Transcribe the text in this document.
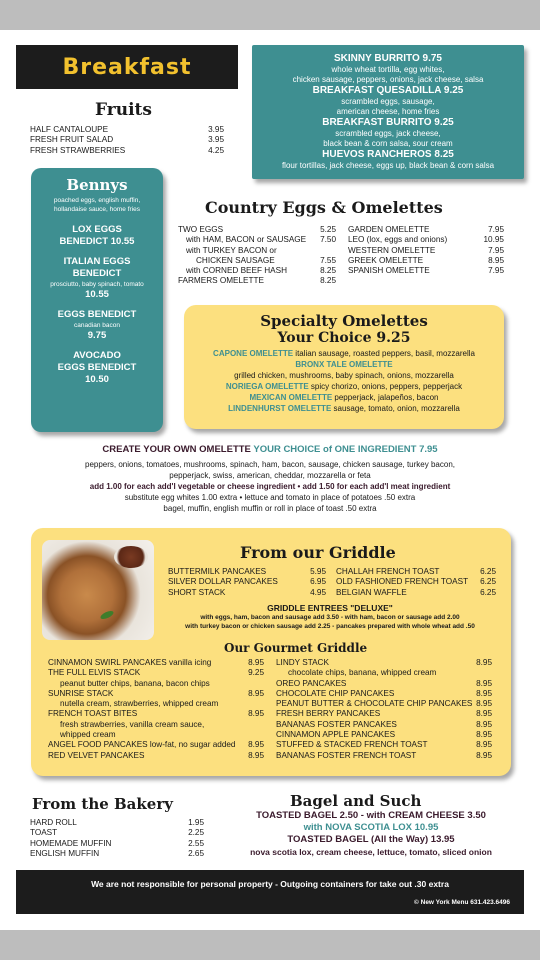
Breakfast	SKINNY BURRITO 9.75
whole wheat tortilla, egg whites,
chicken sausage, peppers, onions, jack cheese, salsa
BREAKFAST QUESADILLA 9.25
scrambled eggs, sausage,
american cheese, home fries
BREAKFAST BURRITO 9.25
scrambled eggs, jack cheese,
black bean & corn salsa, sour cream
HUEVOS RANCHEROS 8.25
flour tortillas, jack cheese, eggs up, black bean & corn salsa
Fruits
HALF CANTALOUPE	3.95
FRESH FRUIT SALAD	3.95
FRESH STRAWBERRIES	4.25
Bennys
poached eggs, english muffin,
hollandaise sauce, home fries
LOX EGGS
BENEDICT 10.55
ITALIAN EGGS
BENEDICT
prosciutto, baby spinach, tomato
10.55
EGGS BENEDICT
canadian bacon
9.75
AVOCADO
EGGS BENEDICT
10.50
Country Eggs & Omelettes
TWO EGGS	5.25
with HAM, BACON or SAUSAGE 7.50
with TURKEY BACON or
CHICKEN SAUSAGE	7.55
with CORNED BEEF HASH	8.25
FARMERS OMELETTE	8.25
GARDEN OMELETTE	7.95
LEO (lox, eggs and onions)	10.95
WESTERN OMELETTE	7.95
GREEK OMELETTE	8.95
SPANISH OMELETTE	7.95
Specialty Omelettes
Your Choice 9.25
CAPONE OMELETTE italian sausage, roasted peppers, basil, mozzarella
BRONX TALE OMELETTE
grilled chicken, mushrooms, baby spinach, onions, mozzarella
NORIEGA OMELETTE spicy chorizo, onions, peppers, pepperjack
MEXICAN OMELETTE pepperjack, jalapeños, bacon
LINDENHURST OMELETTE sausage, tomato, onion, mozzarella
CREATE YOUR OWN OMELETTE YOUR CHOICE of ONE INGREDIENT 7.95
peppers, onions, tomatoes, mushrooms, spinach, ham, bacon, sausage, chicken sausage, turkey bacon,
pepperjack, swiss, american, cheddar, mozzarella or feta
add 1.00 for each add'l vegetable or cheese ingredient • add 1.50 for each add'l meat ingredient
substitute egg whites 1.00 extra • lettuce and tomato in place of potatoes .50 extra
bagel, muffin, english muffin or roll in place of toast .50 extra
From our Griddle
BUTTERMILK PANCAKES	5.95
SILVER DOLLAR PANCAKES	6.95
SHORT STACK	4.95
CHALLAH FRENCH TOAST	6.25
OLD FASHIONED FRENCH TOAST 6.25
BELGIAN WAFFLE	6.25
GRIDDLE ENTREES "DELUXE"
with eggs, ham, bacon and sausage add 3.50 - with ham, bacon or sausage add 2.00
with turkey bacon or chicken sausage add 2.25 - pancakes prepared with whole wheat add .50
Our Gourmet Griddle
CINNAMON SWIRL PANCAKES vanilla icing	8.95
THE FULL ELVIS STACK	9.25
peanut butter chips, banana, bacon chips
SUNRISE STACK	8.95
nutella cream, strawberries, whipped cream
FRENCH TOAST BITES	8.95
fresh strawberries, vanilla cream sauce,
whipped cream
ANGEL FOOD PANCAKES low-fat, no sugar added 8.95
RED VELVET PANCAKES	8.95
LINDY STACK	8.95
chocolate chips, banana, whipped cream
OREO PANCAKES	8.95
CHOCOLATE CHIP PANCAKES	8.95
PEANUT BUTTER & CHOCOLATE CHIP PANCAKES 8.95
FRESH BERRY PANCAKES	8.95
BANANAS FOSTER PANCAKES	8.95
CINNAMON APPLE PANCAKES	8.95
STUFFED & STACKED FRENCH TOAST	8.95
BANANAS FOSTER FRENCH TOAST	8.95
From the Bakery
HARD ROLL	1.95
TOAST	2.25
HOMEMADE MUFFIN	2.55
ENGLISH MUFFIN	2.65
Bagel and Such
TOASTED BAGEL 2.50 - with CREAM CHEESE 3.50
with NOVA SCOTIA LOX 10.95
TOASTED BAGEL (All the Way) 13.95
nova scotia lox, cream cheese, lettuce, tomato, sliced onion
We are not responsible for personal property - Outgoing containers for take out .30 extra
© New York Menu 631.423.6496
